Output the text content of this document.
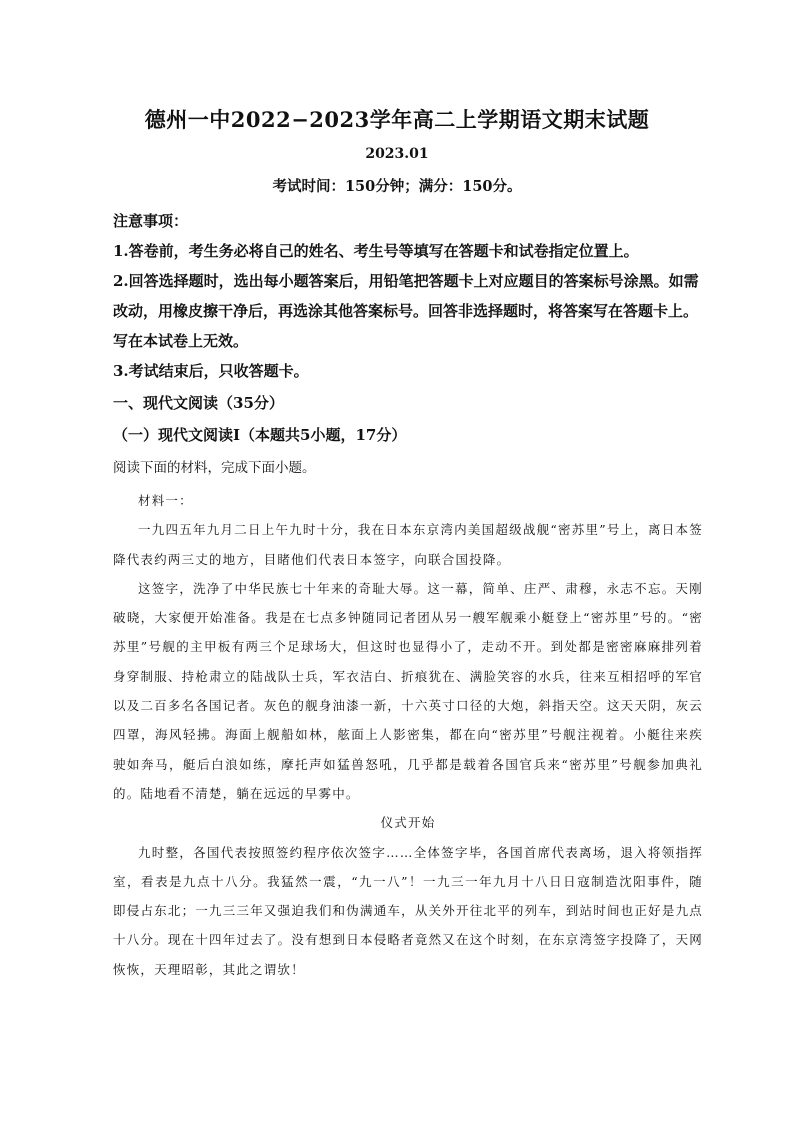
德州一中2022−2023学年高二上学期语文期末试题
2023.01
考试时间：150分钟；满分：150分。

注意事项：

1.答卷前，考生务必将自己的姓名、考生号等填写在答题卡和试卷指定位置上。

2.回答选择题时，选出每小题答案后，用铅笔把答题卡上对应题目的答案标号涂黑。如需改动，用橡皮擦干净后，再选涂其他答案标号。回答非选择题时，将答案写在答题卡上。写在本试卷上无效。

3.考试结束后，只收答题卡。

一、现代文阅读（35分）
（一）现代文阅读Ⅰ（本题共5小题，17分）
阅读下面的材料，完成下面小题。

材料一：

一九四五年九月二日上午九时十分，我在日本东京湾内美国超级战舰“密苏里”号上，离日本签降代表约两三丈的地方，目睹他们代表日本签字，向联合国投降。

这签字，洗净了中华民族七十年来的奇耻大辱。这一幕，简单、庄严、肃穆，永志不忘。天刚破晓，大家便开始准备。我是在七点多钟随同记者团从另一艘军舰乘小艇登上“密苏里”号的。“密苏里”号舰的主甲板有两三个足球场大，但这时也显得小了，走动不开。到处都是密密麻麻排列着身穿制服、持枪肃立的陆战队士兵，军衣洁白、折痕犹在、满脸笑容的水兵，往来互相招呼的军官以及二百多名各国记者。灰色的舰身油漆一新，十六英寸口径的大炮，斜指天空。这天天阴，灰云四罩，海风轻拂。海面上舰船如林，舷面上人影密集，都在向“密苏里”号舰注视着。小艇往来疾驶如奔马，艇后白浪如练，摩托声如猛兽怒吼，几乎都是载着各国官兵来“密苏里”号舰参加典礼的。陆地看不清楚，躺在远远的早雾中。

仪式开始

九时整，各国代表按照签约程序依次签字……全体签字毕，各国首席代表离场，退入将领指挥室，看表是九点十八分。我猛然一震，“九一八”！一九三一年九月十八日日寇制造沈阳事件，随即侵占东北；一九三三年又强迫我们和伪满通车，从关外开往北平的列车，到站时间也正好是九点十八分。现在十四年过去了。没有想到日本侵略者竟然又在这个时刻，在东京湾签字投降了，天网恢恢，天理昭彰，其此之谓欤！
